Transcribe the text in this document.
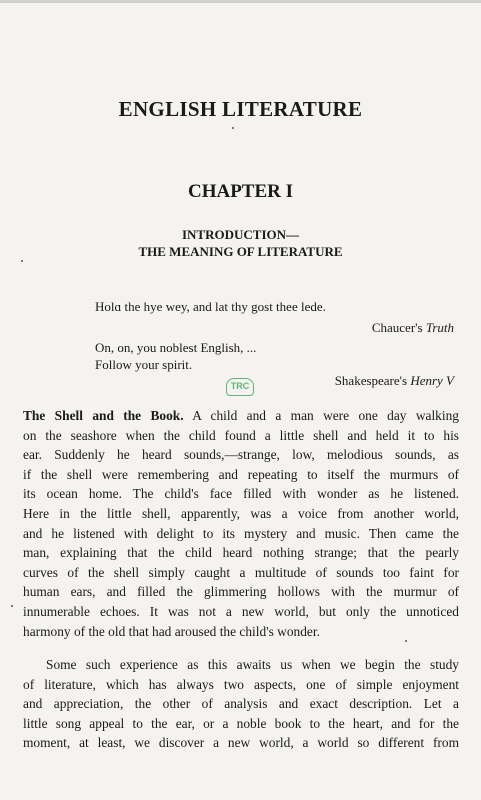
ENGLISH LITERATURE
CHAPTER I
INTRODUCTION—
THE MEANING OF LITERATURE
Holɑ the hye wey, and lat thy gost thee lede.
Chaucer's Truth
On, on, you noblest English, ...
Follow your spirit.
Shakespeare's Henry V
TRC
The Shell and the Book. A child and a man were one day walking
on the seashore when the child found a little shell and held it to his
ear. Suddenly he heard sounds,—strange, low, melodious sounds, as
if the shell were remembering and repeating to itself the murmurs of
its ocean home. The child's face filled with wonder as he listened.
Here in the little shell, apparently, was a voice from another world,
and he listened with delight to its mystery and music. Then came the
man, explaining that the child heard nothing strange; that the pearly
curves of the shell simply caught a multitude of sounds too faint for
human ears, and filled the glimmering hollows with the murmur of
innumerable echoes. It was not a new world, but only the unnoticed
harmony of the old that had aroused the child's wonder.
Some such experience as this awaits us when we begin the study
of literature, which has always two aspects, one of simple enjoyment
and appreciation, the other of analysis and exact description. Let a
little song appeal to the ear, or a noble book to the heart, and for the
moment, at least, we discover a new world, a world so different from
